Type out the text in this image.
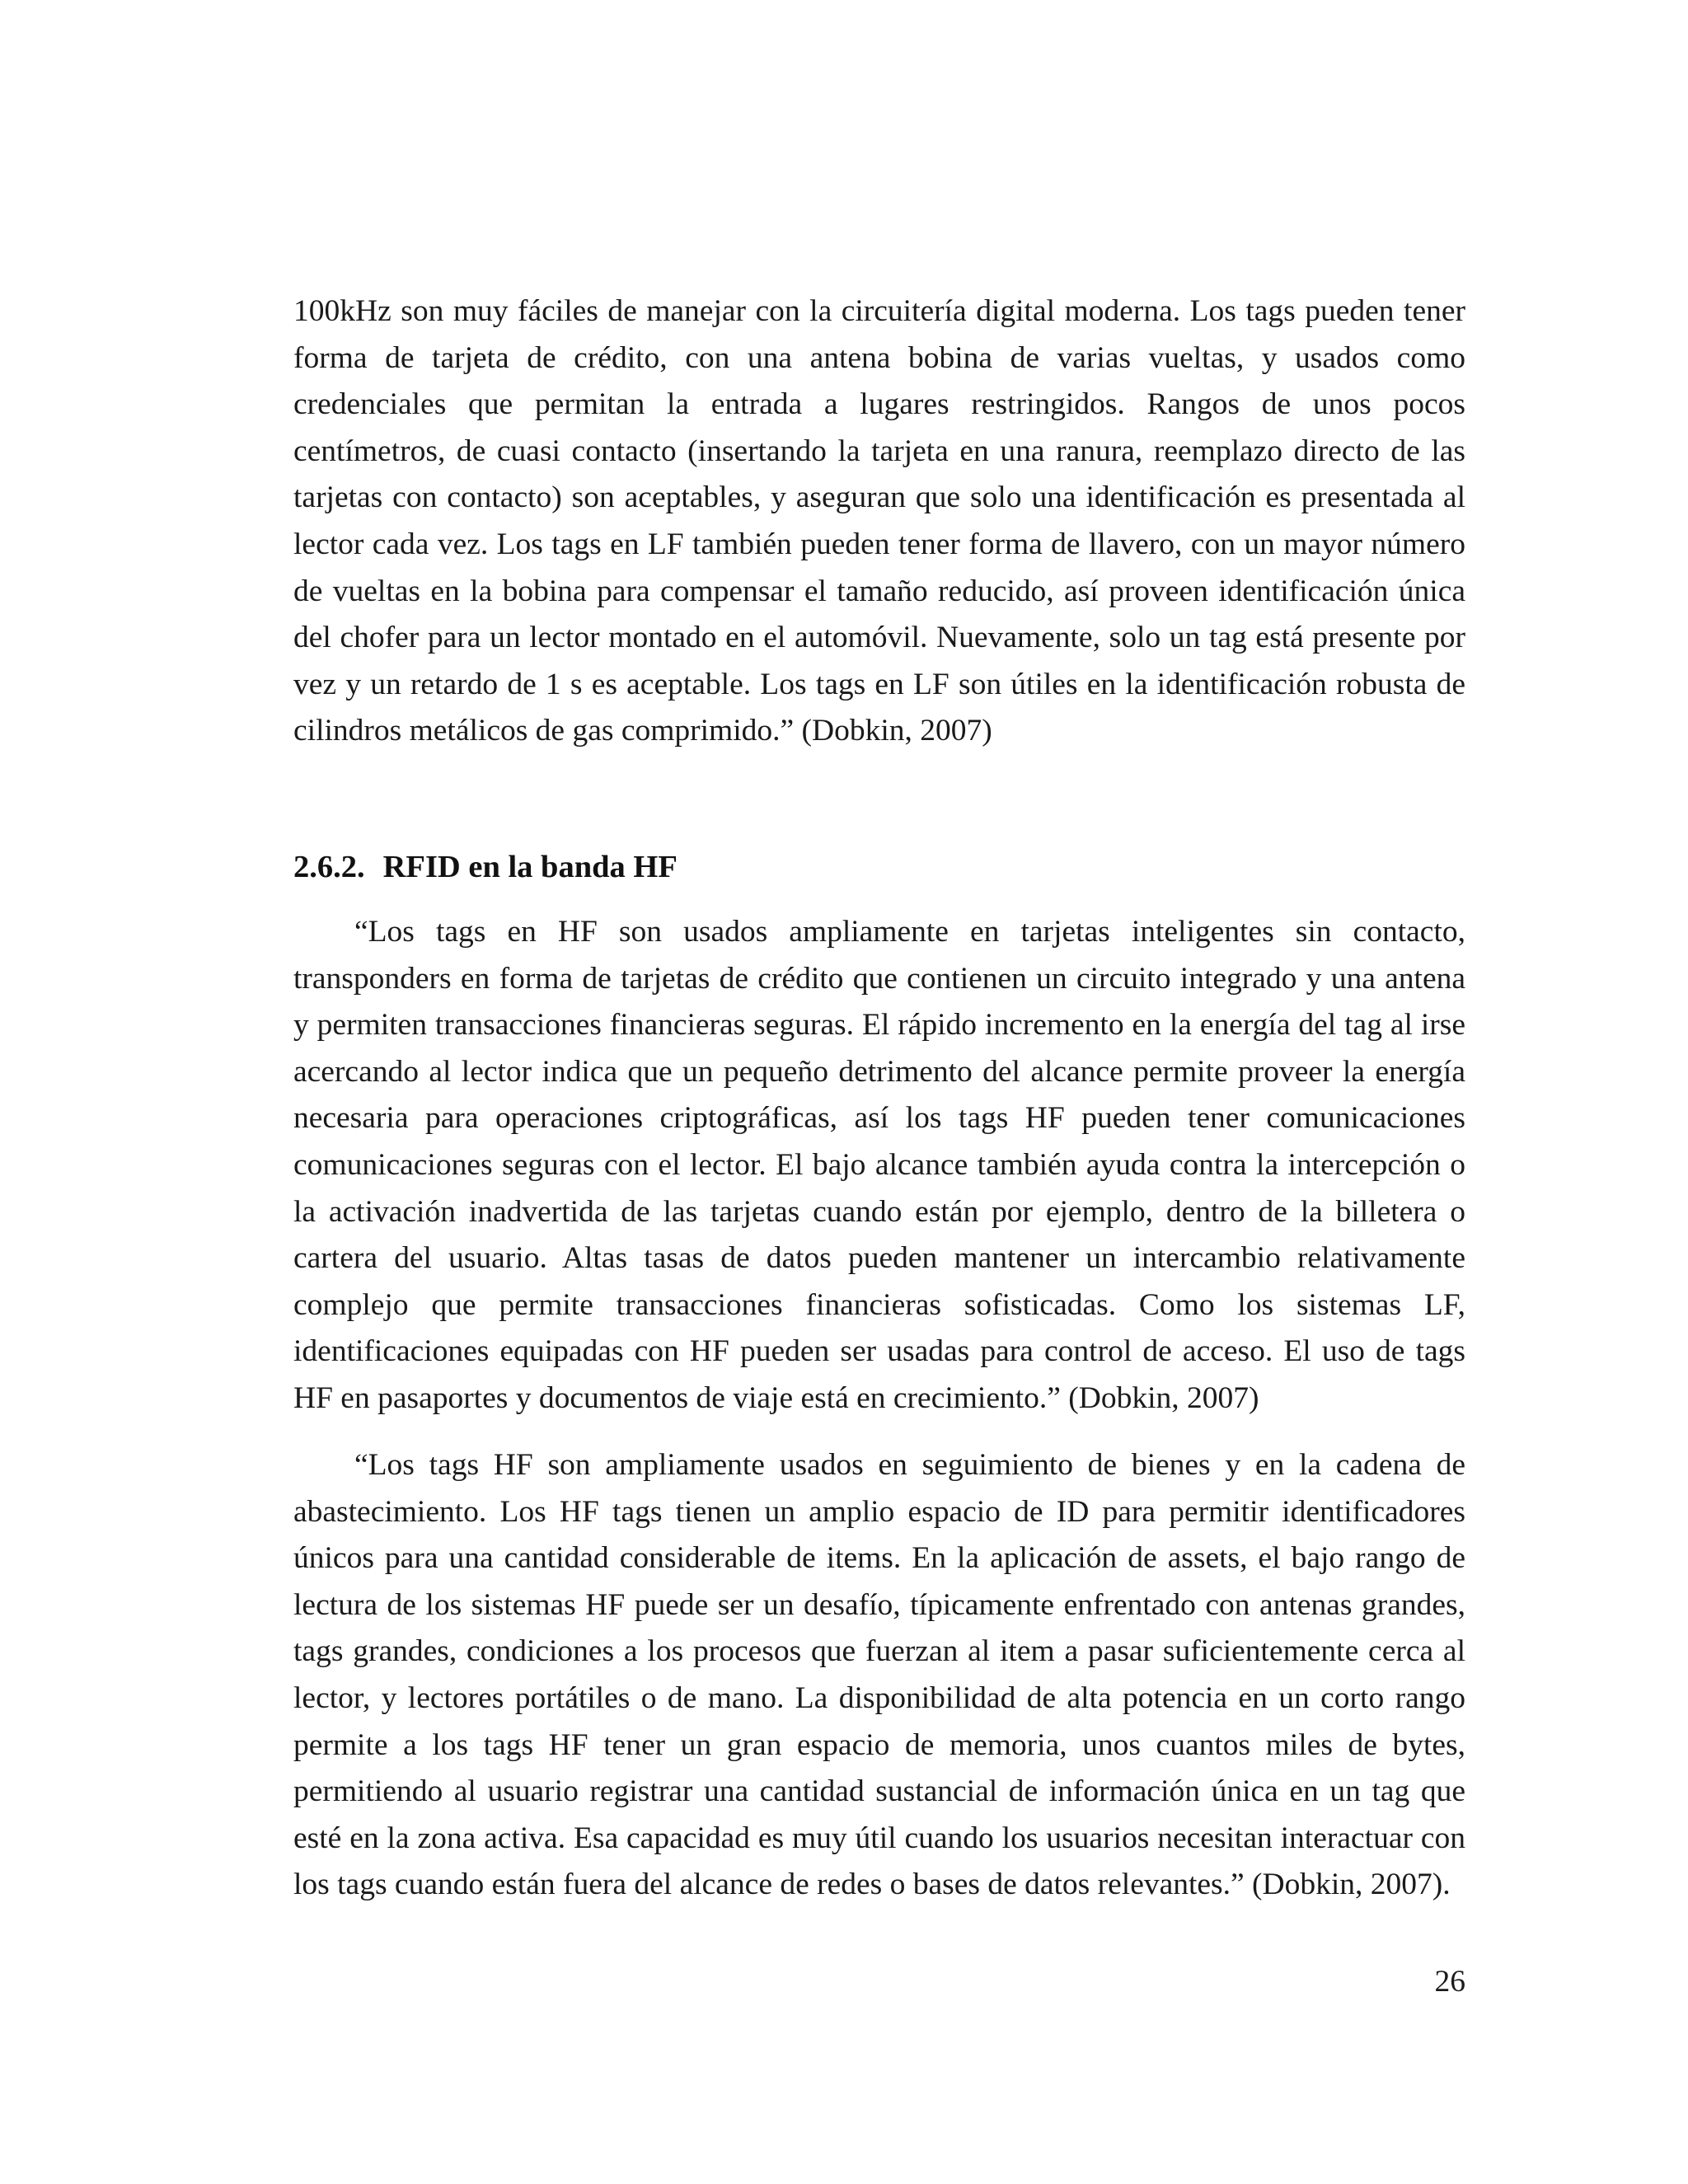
100kHz son muy fáciles de manejar con la circuitería digital moderna. Los tags pueden tener forma de tarjeta de crédito, con una antena bobina de varias vueltas, y usados como credenciales que permitan la entrada a lugares restringidos. Rangos de unos pocos centímetros, de cuasi contacto (insertando la tarjeta en una ranura, reemplazo directo de las tarjetas con contacto) son aceptables, y aseguran que solo una identificación es presentada al lector cada vez. Los tags en LF también pueden tener forma de llavero, con un mayor número de vueltas en la bobina para compensar el tamaño reducido, así proveen identificación única del chofer para un lector montado en el automóvil. Nuevamente, solo un tag está presente por vez y un retardo de 1 s es aceptable. Los tags en LF son útiles en la identificación robusta de cilindros metálicos de gas comprimido.” (Dobkin, 2007)

“Los tags en HF son usados ampliamente en tarjetas inteligentes sin contacto, transponders en forma de tarjetas de crédito que contienen un circuito integrado y una antena y permiten transacciones financieras seguras. El rápido incremento en la energía del tag al irse acercando al lector indica que un pequeño detrimento del alcance permite proveer la energía necesaria para operaciones criptográficas, así los tags HF pueden tener comunicaciones comunicaciones seguras con el lector. El bajo alcance también ayuda contra la intercepción o la activación inadvertida de las tarjetas cuando están por ejemplo, dentro de la billetera o cartera del usuario. Altas tasas de datos pueden mantener un intercambio relativamente complejo que permite transacciones financieras sofisticadas. Como los sistemas LF, identificaciones equipadas con HF pueden ser usadas para control de acceso. El uso de tags HF en pasaportes y documentos de viaje está en crecimiento.” (Dobkin, 2007)

“Los tags HF son ampliamente usados en seguimiento de bienes y en la cadena de abastecimiento. Los HF tags tienen un amplio espacio de ID para permitir identificadores únicos para una cantidad considerable de items. En la aplicación de assets, el bajo rango de lectura de los sistemas HF puede ser un desafío, típicamente enfrentado con antenas grandes, tags grandes, condiciones a los procesos que fuerzan al item a pasar suficientemente cerca al lector, y lectores portátiles o de mano. La disponibilidad de alta potencia en un corto rango permite a los tags HF tener un gran espacio de memoria, unos cuantos miles de bytes, permitiendo al usuario registrar una cantidad sustancial de información única en un tag que esté en la zona activa. Esa capacidad es muy útil cuando los usuarios necesitan interactuar con los tags cuando están fuera del alcance de redes o bases de datos relevantes.” (Dobkin, 2007).

2.6.2. RFID en la banda HF
26
